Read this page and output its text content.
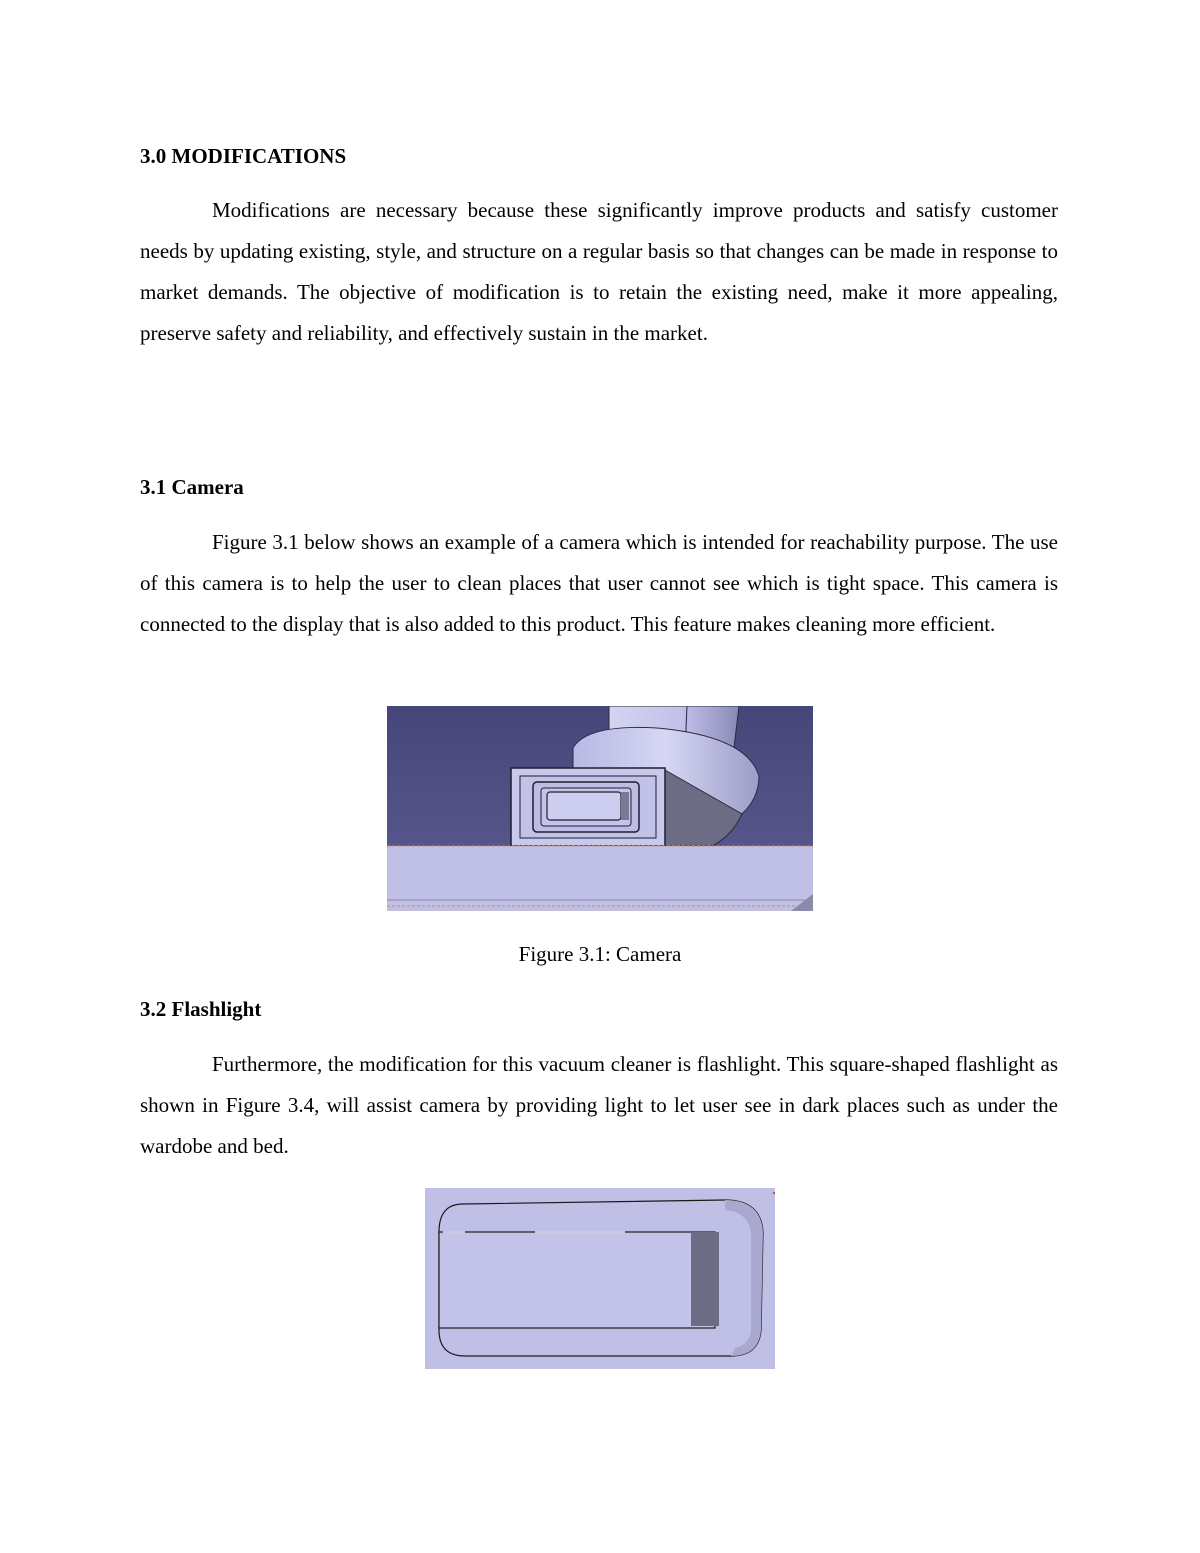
3.0 MODIFICATIONS

Modifications are necessary because these significantly improve products and satisfy customer needs by updating existing, style, and structure on a regular basis so that changes can be made in response to market demands. The objective of modification is to retain the existing need, make it more appealing, preserve safety and reliability, and effectively sustain in the market.

3.1 Camera

Figure 3.1 below shows an example of a camera which is intended for reachability purpose. The use of this camera is to help the user to clean places that user cannot see which is tight space. This camera is connected to the display that is also added to this product. This feature makes cleaning more efficient.

Figure 3.1: Camera

3.2 Flashlight

Furthermore, the modification for this vacuum cleaner is flashlight. This square-shaped flashlight as shown in Figure 3.4, will assist camera by providing light to let user see in dark places such as under the wardobe and bed.
